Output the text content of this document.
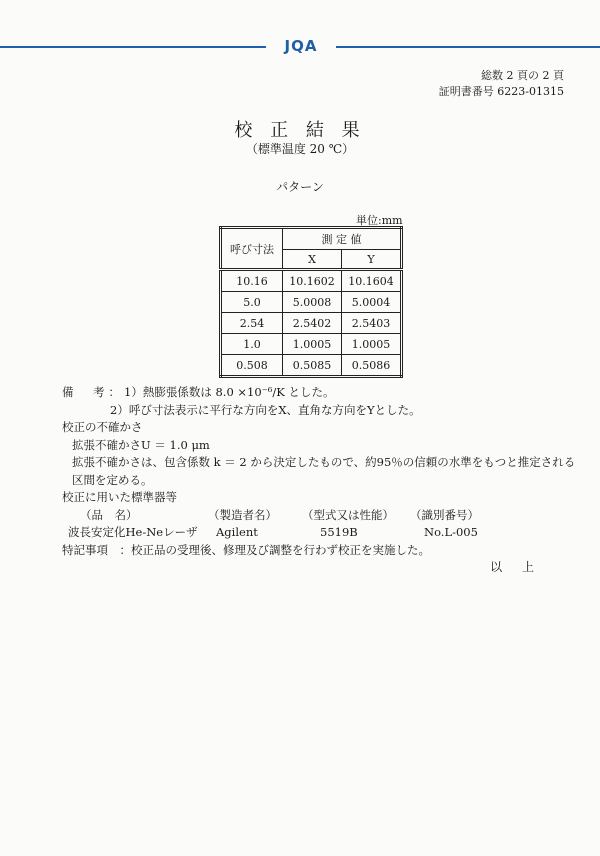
JQA
総数 2 頁の 2 頁
証明書番号 6223-01315
校 正 結 果
（標準温度 20 ℃）
パターン
単位:mm
呼び寸法	測 定 値	
	X	Y
10.16	10.1602	10.1604
5.0	5.0008	5.0004
2.54	2.5402	2.5403
1.0	1.0005	1.0005
0.508	0.5085	0.5086
備　考：1）熱膨張係数は 8.0 ×10⁻⁶/K とした。
2）呼び寸法表示に平行な方向をX、直角な方向をYとした。
校正の不確かさ
拡張不確かさU ＝ 1.0 μm
拡張不確かさは、包含係数 k ＝ 2 から決定したもので、約95％の信頼の水準をもつと推定される
区間を定める。
校正に用いた標準器等
（品　名）	（製造者名） （型式又は性能） （識別番号）
波長安定化He-Neレーザ Agilent	5519B	No.L-005
特記事項　：校正品の受理後、修理及び調整を行わず校正を実施した。
以 上
